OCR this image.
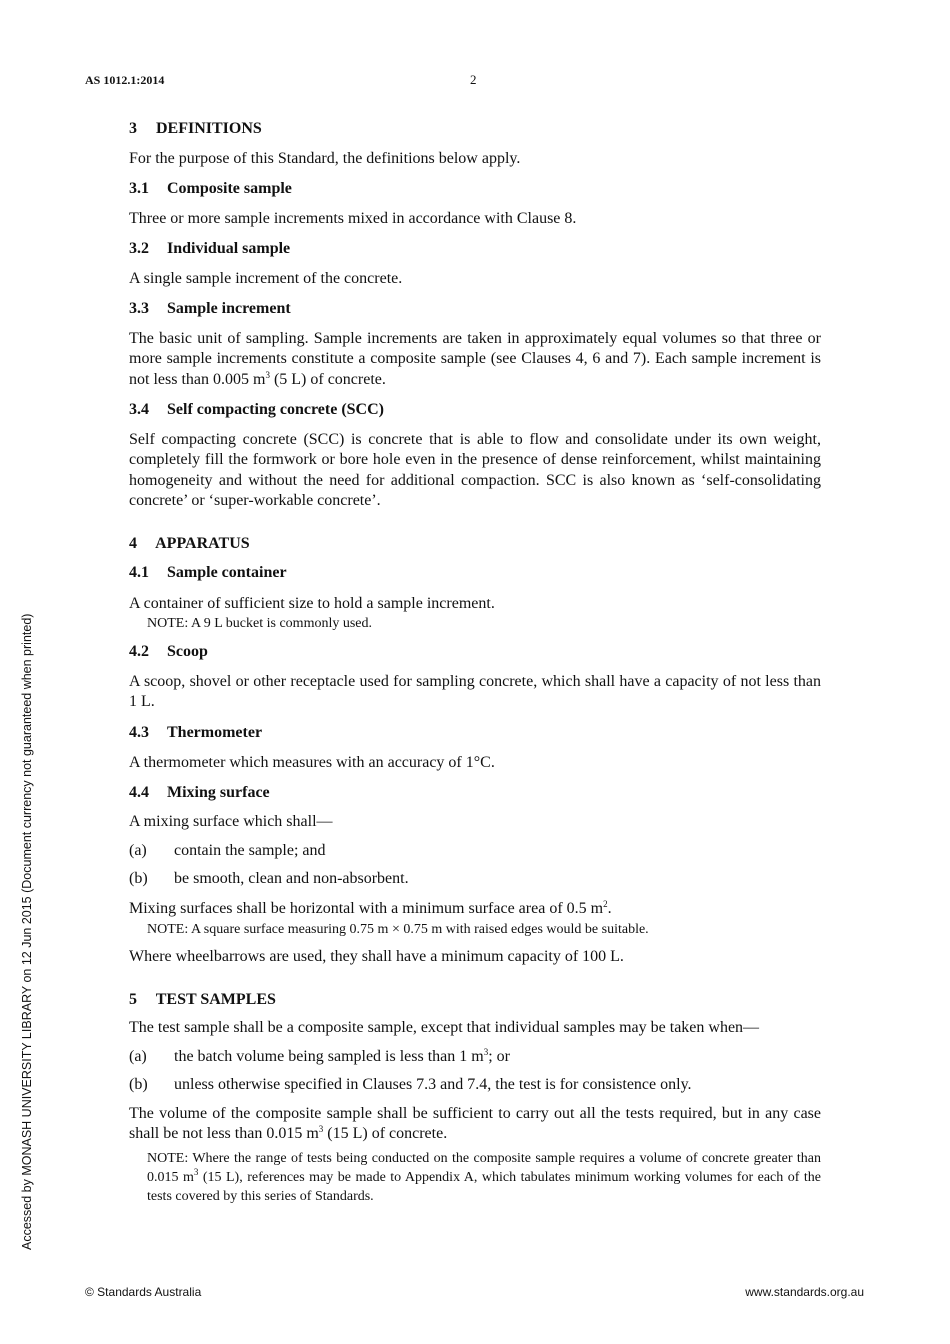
AS 1012.1:2014	2

3 DEFINITIONS

For the purpose of this Standard, the definitions below apply.

3.1 Composite sample

Three or more sample increments mixed in accordance with Clause 8.

3.2 Individual sample

A single sample increment of the concrete.

3.3 Sample increment

The basic unit of sampling. Sample increments are taken in approximately equal volumes so that three or more sample increments constitute a composite sample (see Clauses 4, 6 and 7). Each sample increment is not less than 0.005 $m^3$ (5 L) of concrete.

3.4 Self compacting concrete (SCC)

Self compacting concrete (SCC) is concrete that is able to flow and consolidate under its own weight, completely fill the formwork or bore hole even in the presence of dense reinforcement, whilst maintaining homogeneity and without the need for additional compaction. SCC is also known as ‘self-consolidating concrete’ or ‘super-workable concrete’.

4 APPARATUS

4.1 Sample container

A container of sufficient size to hold a sample increment.

NOTE: A 9 L bucket is commonly used.

4.2 Scoop

A scoop, shovel or other receptacle used for sampling concrete, which shall have a capacity of not less than 1 L.

4.3 Thermometer

A thermometer which measures with an accuracy of 1°C.

4.4 Mixing surface

A mixing surface which shall—

(a)	contain the sample; and
(b)	be smooth, clean and non-absorbent.

Mixing surfaces shall be horizontal with a minimum surface area of 0.5 $m^2$.

NOTE: A square surface measuring 0.75 m × 0.75 m with raised edges would be suitable.

Where wheelbarrows are used, they shall have a minimum capacity of 100 L.

5 TEST SAMPLES

The test sample shall be a composite sample, except that individual samples may be taken when—

(a)	the batch volume being sampled is less than 1 $m^3$; or
(b)	unless otherwise specified in Clauses 7.3 and 7.4, the test is for consistence only.

The volume of the composite sample shall be sufficient to carry out all the tests required, but in any case shall be not less than 0.015 $m^3$ (15 L) of concrete.

NOTE: Where the range of tests being conducted on the composite sample requires a volume of concrete greater than 0.015 $m^3$ (15 L), references may be made to Appendix A, which tabulates minimum working volumes for each of the tests covered by this series of Standards.

Accessed by MONASH UNIVERSITY LIBRARY on 12 Jun 2015 (Document currency not guaranteed when printed)
© Standards Australia	www.standards.org.au
